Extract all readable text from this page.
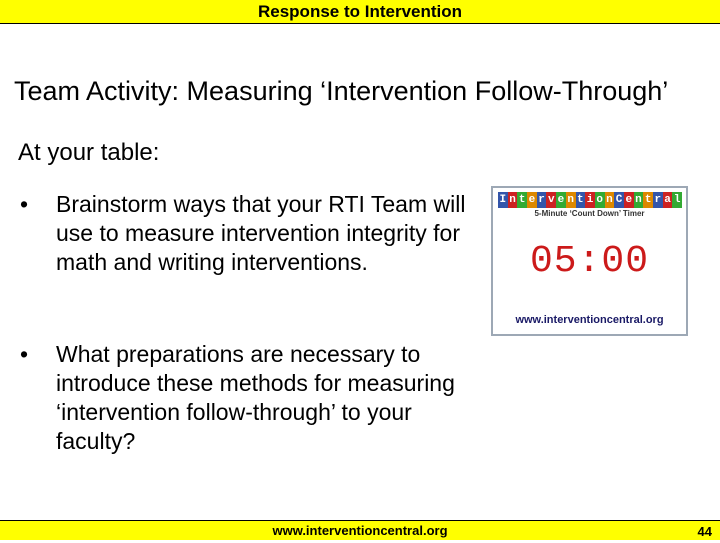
Response to Intervention
Team Activity: Measuring ‘Intervention Follow-Through’
At your table:
• Brainstorm ways that your RTI Team will use to measure intervention integrity for math and writing interventions.
• What preparations are necessary to introduce these methods for measuring ‘intervention follow-through’ to your faculty?
I n t e r v e n t i o n C e n t r a l
5-Minute ‘Count Down’ Timer
05:00
www.interventioncentral.org
www.interventioncentral.org	44
